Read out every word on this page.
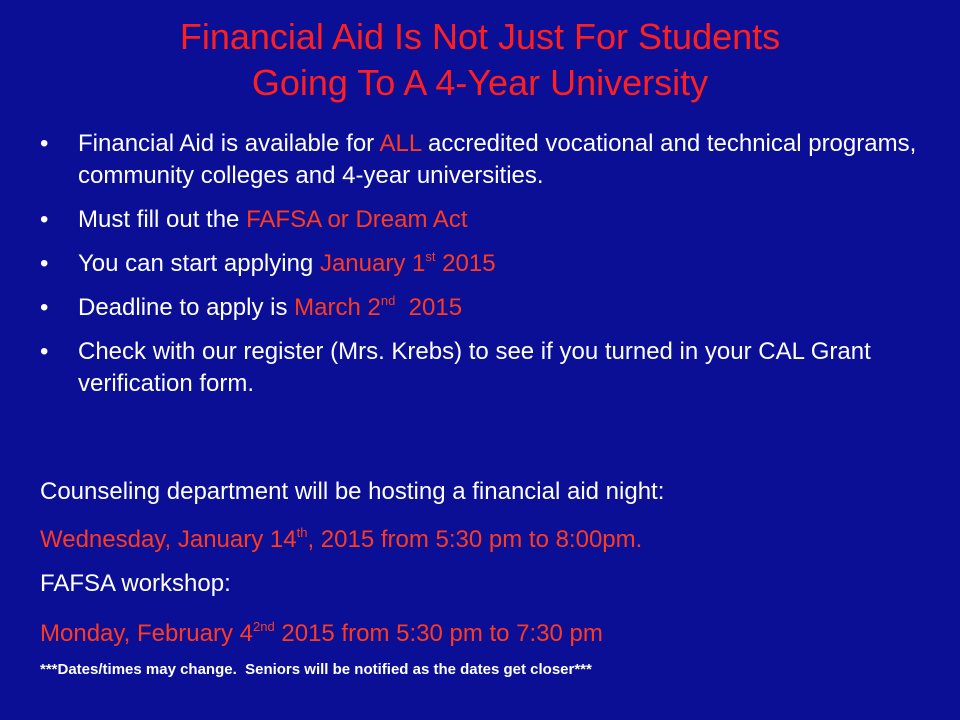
Financial Aid Is Not Just For Students
Going To A 4-Year University
• Financial Aid is available for ALL accredited vocational and technical programs, community colleges and 4-year universities.
• Must fill out the FAFSA or Dream Act
• You can start applying January 1st 2015
• Deadline to apply is March 2nd  2015
• Check with our register (Mrs. Krebs) to see if you turned in your CAL Grant verification form.
Counseling department will be hosting a financial aid night:
Wednesday, January 14th, 2015 from 5:30 pm to 8:00pm.
FAFSA workshop:
Monday, February $4^{2nd}$ 2015 from 5:30 pm to 7:30 pm
***Dates/times may change.  Seniors will be notified as the dates get closer***
